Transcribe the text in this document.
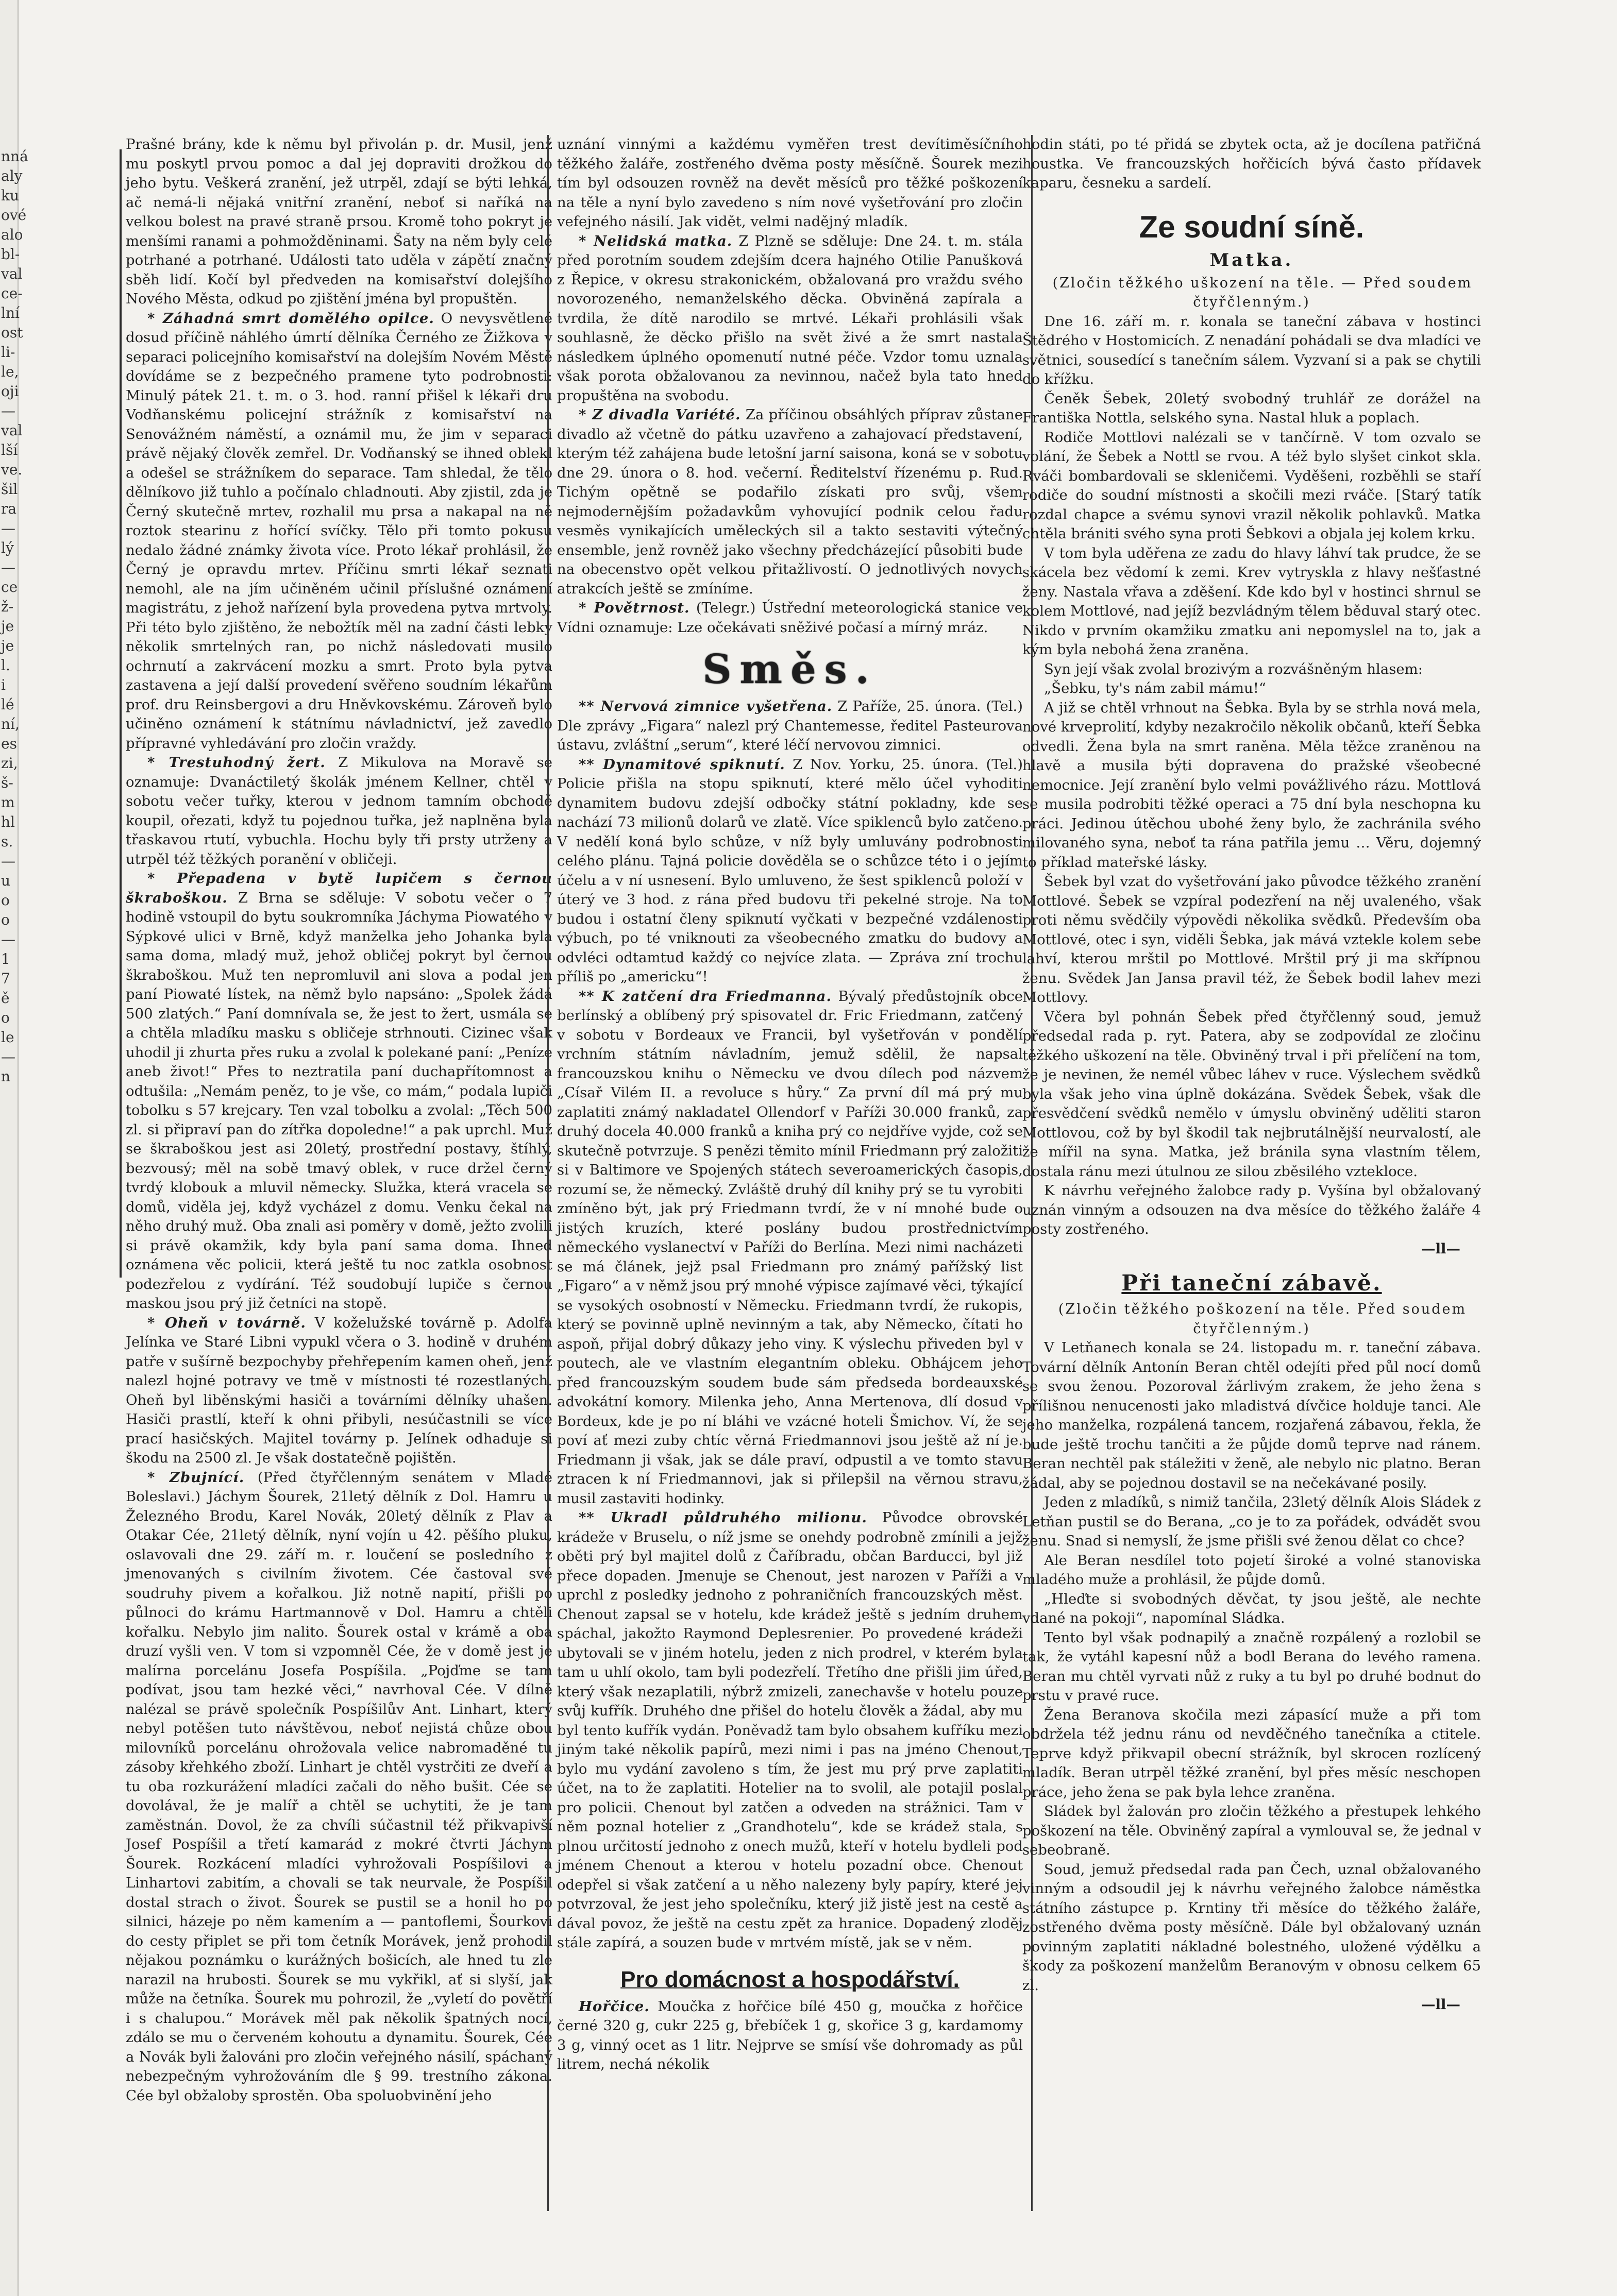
nná
aly
ku
ové
alo
bl-
val
ce-
lní
ost
li-
le,
oji
—
val
lší
ve.
šil
ra
—
lý
—
ce
ž-
je
je
l.
i
lé
ní,
es
zi,
š-
m
hl
s.
—
u
o
o
—
1
7
ě
o
le
—
n

Prašné brány, kde k němu byl přivolán p. dr. Musil, jenž mu poskytl prvou pomoc a dal jej dopraviti drožkou do jeho bytu. Veškerá zranění, jež utrpěl, zdají se býti lehká, ač nemá-li nějaká vnitřní zranění, neboť si naříká na velkou bolest na pravé straně prsou. Kromě toho pokryt je menšími ranami a pohmožděninami. Šaty na něm byly celé potrhané a potrhané. Události tato uděla v zápětí značný sběh lidí. Kočí byl předveden na komisařství dolejšího Nového Města, odkud po zjištění jména byl propuštěn.

* Záhadná smrt domělého opilce. O nevysvětlené dosud příčině náhlého úmrtí dělníka Černého ze Žižkova v separaci policejního komisařství na dolejším Novém Městě dovídáme se z bezpečného pramene tyto podrobnosti: Minulý pátek 21. t. m. o 3. hod. ranní přišel k lékaři dru Vodňanskému policejní strážník z komisařství na Senovážném náměstí, a oznámil mu, že jim v separaci právě nějaký člověk zemřel. Dr. Vodňanský se ihned oblekl a odešel se strážníkem do separace. Tam shledal, že tělo dělníkovo již tuhlo a počínalo chladnouti. Aby zjistil, zda je Černý skutečně mrtev, rozhalil mu prsa a nakapal na ně roztok stearinu z hořící svíčky. Tělo při tomto pokusu nedalo žádné známky života více. Proto lékař prohlásil, že Černý je opravdu mrtev. Příčinu smrti lékař seznati nemohl, ale na jím učiněném učinil příslušné oznámení magistrátu, z jehož nařízení byla provedena pytva mrtvoly. Při této bylo zjištěno, že nebožtík měl na zadní části lebky několik smrtelných ran, po nichž následovati musilo ochrnutí a zakrvácení mozku a smrt. Proto byla pytva zastavena a její další provedení svěřeno soudním lékařům prof. dru Reinsbergovi a dru Hněvkovskému. Zároveň bylo učiněno oznámení k státnímu návladnictví, jež zavedlo přípravné vyhledávání pro zločin vraždy.

* Trestuhodný žert. Z Mikulova na Moravě se oznamuje: Dvanáctiletý školák jménem Kellner, chtěl v sobotu večer tuřky, kterou v jednom tamním obchodě koupil, ořezati, když tu pojednou tuřka, jež naplněna byla třaskavou rtutí, vybuchla. Hochu byly tři prsty utrženy a utrpěl též těžkých poranění v obličeji.

* Přepadena v bytě lupičem s černou škraboškou. Z Brna se sděluje: V sobotu večer o 7 hodině vstoupil do bytu soukromníka Jáchyma Piowatého v Sýpkové ulici v Brně, když manželka jeho Johanka byla sama doma, mladý muž, jehož obličej pokryt byl černou škraboškou. Muž ten nepromluvil ani slova a podal jen paní Piowaté lístek, na němž bylo napsáno: „Spolek žádá 500 zlatých.“ Paní domnívala se, že jest to žert, usmála se a chtěla mladíku masku s obličeje strhnouti. Cizinec však uhodil ji zhurta přes ruku a zvolal k polekané paní: „Peníze aneb život!“ Přes to neztratila paní duchapřítomnost a odtušila: „Nemám peněz, to je vše, co mám,“ podala lupiči tobolku s 57 krejcary. Ten vzal tobolku a zvolal: „Těch 500 zl. si připraví pan do zítřka dopoledne!“ a pak uprchl. Muž se škraboškou jest asi 20letý, prostřední postavy, štíhlý, bezvousý; měl na sobě tmavý oblek, v ruce držel černý tvrdý klobouk a mluvil německy. Služka, která vracela se domů, viděla jej, když vycházel z domu. Venku čekal na něho druhý muž. Oba znali asi poměry v domě, ježto zvolili si právě okamžik, kdy byla paní sama doma. Ihned oznámena věc policii, která ještě tu noc zatkla osobnost podezřelou z vydírání. Též soudobují lupiče s černou maskou jsou prý již četníci na stopě.

* Oheň v továrně. V koželužské továrně p. Adolfa Jelínka ve Staré Libni vypukl včera o 3. hodině v druhém patře v sušírně bezpochyby přehřepením kamen oheň, jenž nalezl hojné potravy ve tmě v místnosti té rozestlaných. Oheň byl liběnskými hasiči a továrními dělníky uhašen. Hasiči prastlí, kteří k ohni přibyli, nesúčastnili se více prací hasičských. Majitel továrny p. Jelínek odhaduje si škodu na 2500 zl. Je však dostatečně pojištěn.

* Zbujnící. (Před čtyřčlenným senátem v Mladé Boleslavi.) Jáchym Šourek, 21letý dělník z Dol. Hamru u Železného Brodu, Karel Novák, 20letý dělník z Plav a Otakar Cée, 21letý dělník, nyní vojín u 42. pěšího pluku, oslavovali dne 29. září m. r. loučení se posledního z jmenovaných s civilním životem. Cée častoval své soudruhy pivem a kořalkou. Již notně napití, přišli po půlnoci do krámu Hartmannově v Dol. Hamru a chtěli kořalku. Nebylo jim nalito. Šourek ostal v krámě a oba druzí vyšli ven. V tom si vzpomněl Cée, že v domě jest je malírna porcelánu Josefa Pospíšila. „Pojďme se tam podívat, jsou tam hezké věci,“ navrhoval Cée. V dílně nalézal se právě společník Pospíšilův Ant. Linhart, který nebyl potěšen tuto návštěvou, neboť nejistá chůze obou milovníků porcelánu ohrožovala velice nabromaděné tu zásoby křehkého zboží. Linhart je chtěl vystrčiti ze dveří a tu oba rozkurážení mladíci začali do něho bušit. Cée se dovolával, že je malíř a chtěl se uchytiti, že je tam zaměstnán. Dovol, že za chvíli súčastnil též přikvapivší Josef Pospíšil a třetí kamarád z mokré čtvrti Jáchym Šourek. Rozkácení mladíci vyhrožovali Pospíšilovi a Linhartovi zabitím, a chovali se tak neurvale, že Pospíšil dostal strach o život. Šourek se pustil se a honil ho po silnici, házeje po něm kamením a — pantoflemi, Šourkovi do cesty připlet se při tom četník Morávek, jenž prohodil nějakou poznámku o kurážných bošicích, ale hned tu zle narazil na hrubosti. Šourek se mu vykřikl, ať si slyší, jak může na četníka. Šourek mu pohrozil, že „vyletí do povětří i s chalupou.“ Morávek měl pak několik špatných nocí, zdálo se mu o červeném kohoutu a dynamitu. Šourek, Cée a Novák byli žalováni pro zločin veřejného násilí, spáchaný nebezpečným vyhrožováním dle § 99. trestního zákona. Cée byl obžaloby sprostěn. Oba spoluobvinění jeho

uznání vinnými a každému vyměřen trest devítiměsíčního těžkého žaláře, zostřeného dvěma posty měsíčně. Šourek mezi tím byl odsouzen rovněž na devět měsíců pro těžké poškození na těle a nyní bylo zavedeno s ním nové vyšetřování pro zločin vefejného násilí. Jak vidět, velmi nadějný mladík.

* Nelidská matka. Z Plzně se sděluje: Dne 24. t. m. stála před porotním soudem zdejším dcera hajného Otilie Panušková z Řepice, v okresu strakonickém, obžalovaná pro vraždu svého novorozeného, nemanželského děcka. Obviněná zapírala a tvrdila, že dítě narodilo se mrtvé. Lékaři prohlásili však souhlasně, že děcko přišlo na svět živé a že smrt nastala následkem úplného opomenutí nutné péče. Vzdor tomu uznala však porota obžalovanou za nevinnou, načež byla tato hned propuštěna na svobodu.

* Z divadla Variété. Za příčinou obsáhlých příprav zůstane divadlo až včetně do pátku uzavřeno a zahajovací představení, kterým též zahájena bude letošní jarní saisona, koná se v sobotu dne 29. února o 8. hod. večerní. Ředitelství řízenému p. Rud. Tichým opětně se podařilo získati pro svůj, všem nejmodernějším požadavkům vyhovující podnik celou řadu vesměs vynikajících uměleckých sil a takto sestaviti výtečný ensemble, jenž rovněž jako všechny předcházející působiti bude na obecenstvo opět velkou přitažlivostí. O jednotlivých novych atrakcích ještě se zmíníme.

* Povětrnost. (Telegr.) Ústřední meteorologická stanice ve Vídni oznamuje: Lze očekávati sněživé počasí a mírný mráz.

Směs.

** Nervová zimnice vyšetřena. Z Paříže, 25. února. (Tel.) Dle zprávy „Figara“ nalezl prý Chantemesse, ředitel Pasteurova ústavu, zvláštní „serum“, které léčí nervovou zimnici.

** Dynamitové spiknutí. Z Nov. Yorku, 25. února. (Tel.) Policie přišla na stopu spiknutí, které mělo účel vyhoditi dynamitem budovu zdejší odbočky státní pokladny, kde se nachází 73 milionů dolarů ve zlatě. Více spiklenců bylo zatčeno. V nedělí koná bylo schůze, v níž byly umluvány podrobnosti celého plánu. Tajná policie dověděla se o schůzce této i o jejím účelu a v ní usnesení. Bylo umluveno, že šest spiklenců položí v úterý ve 3 hod. z rána před budovu tři pekelné stroje. Na to budou i ostatní členy spiknutí vyčkati v bezpečné vzdálenosti výbuch, po té vniknouti za všeobecného zmatku do budovy a odvléci odtamtud každý co nejvíce zlata. — Zpráva zní trochu příliš po „americku“!

** K zatčení dra Friedmanna. Bývalý předůstojník obce berlínský a oblíbený prý spisovatel dr. Fric Friedmann, zatčený v sobotu v Bordeaux ve Francii, byl vyšetřován v pondělí vrchním státním návladním, jemuž sdělil, že napsal francouzskou knihu o Německu ve dvou dílech pod názvem „Císař Vilém II. a revoluce s hůry.“ Za první díl má prý mu zaplatiti známý nakladatel Ollendorf v Paříži 30.000 franků, za druhý docela 40.000 franků a kniha prý co nejdříve vyjde, což se skutečně potvrzuje. S penězi těmito mínil Friedmann prý založiti si v Baltimore ve Spojených státech severoamerických časopis, rozumí se, že německý. Zvláště druhý díl knihy prý se tu vyrobiti zmíněno být, jak prý Friedmann tvrdí, že v ní mnohé bude o jistých kruzích, které poslány budou prostřednictvím německého vyslanectví v Paříži do Berlína. Mezi nimi nacházeti se má článek, jejž psal Friedmann pro známý pařížský list „Figaro“ a v němž jsou prý mnohé výpisce zajímavé věci, týkající se vysokých osobností v Německu. Friedmann tvrdí, že rukopis, který se povinně uplně nevinným a tak, aby Německo, čítati ho aspoň, přijal dobrý důkazy jeho viny. K výslechu přiveden byl v poutech, ale ve vlastním elegantním obleku. Obhájcem jeho před francouzským soudem bude sám předseda bordeauxské advokátní komory. Milenka jeho, Anna Mertenova, dlí dosud v Bordeux, kde je po ní bláhi ve vzácné hoteli Šmichov. Ví, že se poví ať mezi zuby chtíc věrná Friedmannovi jsou ještě až ní je. Friedmann ji však, jak se dále praví, odpustil a ve tomto stavu ztracen k ní Friedmannovi, jak si přilepšil na věrnou stravu, musil zastaviti hodinky.

** Ukradl půldruhého milionu. Původce obrovské krádeže v Bruselu, o níž jsme se onehdy podrobně zmínili a jejž oběti prý byl majitel dolů z Čaříbradu, občan Barducci, byl již přece dopaden. Jmenuje se Chenout, jest narozen v Paříži a v uprchl z posledky jednoho z pohraničních francouzských měst. Chenout zapsal se v hotelu, kde krádež ještě s jedním druhem spáchal, jakožto Raymond Deplesrenier. Po provedené krádeži ubytovali se v jiném hotelu, jeden z nich prodrel, v kterém byla tam u uhlí okolo, tam byli podezřelí. Třetího dne přišli jim úřed, který však nezaplatili, nýbrž zmizeli, zanechavše v hotelu pouze svůj kufřík. Druhého dne přišel do hotelu člověk a žádal, aby mu byl tento kufřík vydán. Poněvadž tam bylo obsahem kufříku mezi jiným také několik papírů, mezi nimi i pas na jméno Chenout, bylo mu vydání zavoleno s tím, že jest mu prý prve zaplatiti účet, na to že zaplatiti. Hotelier na to svolil, ale potajil poslal pro policii. Chenout byl zatčen a odveden na strážnici. Tam v něm poznal hotelier z „Grandhotelu“, kde se krádež stala, s plnou určitostí jednoho z onech mužů, kteří v hotelu bydleli pod jménem Chenout a kterou v hotelu pozadní obce. Chenout odepřel si však zatčení a u něho nalezeny byly papíry, které jej potvrzoval, že jest jeho společníku, který již jistě jest na cestě a dával povoz, že ještě na cestu zpět za hranice. Dopadený zloděj stále zapírá, a souzen bude v mrtvém místě, jak se v něm.

Pro domácnost a hospodářství.

Hořčice. Moučka z hořčice bílé 450 g, moučka z hořčice černé 320 g, cukr 225 g, břebíček 1 g, skořice 3 g, kardamomy 3 g, vinný ocet as 1 litr. Nejprve se smísí vše dohromady as půl litrem, nechá nékolik

hodin státi, po té přidá se zbytek octa, až je docílena patřičná houstka. Ve francouzských hořčicích bývá často přídavek kaparu, česneku a sardelí.

Ze soudní síně.
Matka.

(Zločin těžkého uškození na těle. — Před soudem čtyřčlenným.)

Dne 16. září m. r. konala se taneční zábava v hostinci Štědrého v Hostomicích. Z nenadání pohádali se dva mladíci ve světnici, sousedící s tanečním sálem. Vyzvaní si a pak se chytili do křížku.

Čeněk Šebek, 20letý svobodný truhlář ze dorážel na Františka Nottla, selského syna. Nastal hluk a poplach.

Rodiče Mottlovi nalézali se v tančírně. V tom ozvalo se volání, že Šebek a Nottl se rvou. A též bylo slyšet cinkot skla. Rváči bombardovali se skleničemi. Vyděšeni, rozběhli se staří rodiče do soudní místnosti a skočili mezi rváče. [Starý tatík rozdal chapce a svému synovi vrazil několik pohlavků. Matka chtěla brániti svého syna proti Šebkovi a objala jej kolem krku.

V tom byla uděřena ze zadu do hlavy láhví tak prudce, že se skácela bez vědomí k zemi. Krev vytryskla z hlavy nešťastné ženy. Nastala vřava a zděšení. Kde kdo byl v hostinci shrnul se kolem Mottlové, nad jejíž bezvládným tělem běduval starý otec. Nikdo v prvním okamžiku zmatku ani nepomyslel na to, jak a kým byla nebohá žena zraněna.

Syn její však zvolal brozivým a rozvášněným hlasem:

„Šebku, ty's nám zabil mámu!“

A již se chtěl vrhnout na Šebka. Byla by se strhla nová mela, nové krveprolití, kdyby nezakročilo několik občanů, kteří Šebka odvedli. Žena byla na smrt raněna. Měla těžce zraněnou na hlavě a musila býti dopravena do pražské všeobecné nemocnice. Její zranění bylo velmi povážlivého rázu. Mottlová se musila podrobiti těžké operaci a 75 dní byla neschopna ku práci. Jedinou útěchou ubohé ženy bylo, že zachránila svého milovaného syna, neboť ta rána patřila jemu … Věru, dojemný to příklad mateřské lásky.

Šebek byl vzat do vyšetřování jako původce těžkého zranění Mottlové. Šebek se vzpíral podezření na něj uvaleného, však proti němu svědčily výpovědi několika svědků. Především oba Mottlové, otec i syn, viděli Šebka, jak mává vztekle kolem sebe lahví, kterou mrštil po Mottlové. Mrštil prý ji ma skřípnou ženu. Svědek Jan Jansa pravil též, že Šebek bodil lahev mezi Mottlovy.

Včera byl pohnán Šebek před čtyřčlenný soud, jemuž předsedal rada p. ryt. Patera, aby se zodpovídal ze zločinu těžkého uškození na těle. Obviněný trval i při přelíčení na tom, že je nevinen, že nemél vůbec láhev v ruce. Výslechem svědků byla však jeho vina úplně dokázána. Svědek Šebek, však dle přesvědčení svědků nemělo v úmyslu obviněný uděliti staron Mottlovou, což by byl škodil tak nejbrutálnější neurvalostí, ale že mířil na syna. Matka, jež bránila syna vlastním tělem, dostala ránu mezi útulnou ze silou zběsilého vztekloce.

K návrhu veřejného žalobce rady p. Vyšína byl obžalovaný uznán vinným a odsouzen na dva měsíce do těžkého žaláře 4 posty zostřeného.

—ll—

Při taneční zábavě.

(Zločin těžkého poškození na těle. Před soudem čtyřčlenným.)

V Letňanech konala se 24. listopadu m. r. taneční zábava. Tovární dělník Antonín Beran chtěl odejíti před půl nocí domů se svou ženou. Pozoroval žárlivým zrakem, že jeho žena s přílišnou nenucenosti jako mladistvá dívčice holduje tanci. Ale jeho manželka, rozpálená tancem, rozjařená zábavou, řekla, že bude ještě trochu tančiti a že půjde domů teprve nad ránem. Beran nechtěl pak stáležiti v ženě, ale nebylo nic platno. Beran žádal, aby se pojednou dostavil se na nečekávané posily.

Jeden z mladíků, s nimiž tančila, 23letý dělník Alois Sládek z Letňan pustil se do Berana, „co je to za pořádek, odvádět svou ženu. Snad si nemyslí, že jsme přišli své ženou dělat co chce?

Ale Beran nesdílel toto pojetí široké a volné stanoviska mladého muže a prohlásil, že půjde domů.

„Hleďte si svobodných děvčat, ty jsou ještě, ale nechte vdané na pokoji“, napomínal Sládka.

Tento byl však podnapilý a značně rozpálený a rozlobil se tak, že vytáhl kapesní nůž a bodl Berana do levého ramena. Beran mu chtěl vyrvati nůž z ruky a tu byl po druhé bodnut do prstu v pravé ruce.

Žena Beranova skočila mezi zápasící muže a při tom obdržela též jednu ránu od nevděčného tanečníka a ctitele. Teprve když přikvapil obecní strážník, byl skrocen rozlícený mladík. Beran utrpěl těžké zranění, byl přes měsíc neschopen práce, jeho žena se pak byla lehce zraněna.

Sládek byl žalován pro zločin těžkého a přestupek lehkého poškození na těle. Obviněný zapíral a vymlouval se, že jednal v sebeobraně.

Soud, jemuž předsedal rada pan Čech, uznal obžalovaného vinným a odsoudil jej k návrhu veřejného žalobce náměstka státního zástupce p. Krntiny tři měsíce do těžkého žaláře, zostřeného dvěma posty měsíčně. Dále byl obžalovaný uznán povinným zaplatiti nákladné bolestného, uložené výdělku a škody za poškození manželům Beranovým v obnosu celkem 65 zl.

—ll—
